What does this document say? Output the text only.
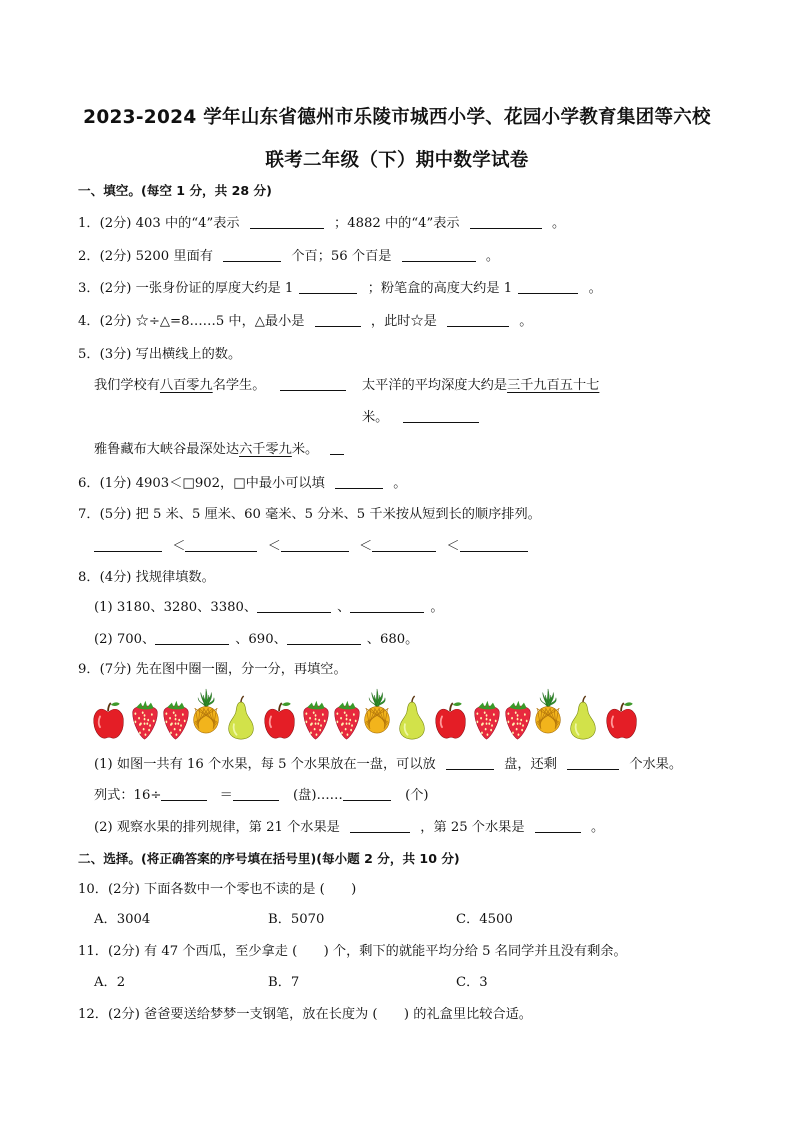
2023-2024 学年山东省德州市乐陵市城西小学、花园小学教育集团等六校
联考二年级（下）期中数学试卷
一、填空。(每空 1 分，共 28 分)
1．(2分) 403 中的“4”表示	；4882 中的“4”表示	。
2．(2分) 5200 里面有	个百；56 个百是	。
3．(2分) 一张身份证的厚度大约是 1	；粉笔盒的高度大约是 1	。
4．(2分) ☆÷△=8……5 中，△最小是	，此时☆是	。
5．(3分) 写出横线上的数。
我们学校有八百零九名学生。	太平洋的平均深度大约是三千九百五十七
米。
雅鲁藏布大峡谷最深处达六千零九米。
6．(1分) 4903＜□902，□中最小可以填	。
7．(5分) 把 5 米、5 厘米、60 毫米、5 分米、5 千米按从短到长的顺序排列。
＜	＜	＜	＜
8．(4分) 找规律填数。
(1) 3180、3280、3380、	、	。
(2) 700、	、690、	、680。
9．(7分) 先在图中圈一圈，分一分，再填空。
(1) 如图一共有 16 个水果，每 5 个水果放在一盘，可以放	盘，还剩	个水果。
列式：16÷	＝	(盘)……	(个)
(2) 观察水果的排列规律，第 21 个水果是	，第 25 个水果是	。
二、选择。(将正确答案的序号填在括号里)(每小题 2 分，共 10 分)
10．(2分) 下面各数中一个零也不读的是 (　　)
A．3004	B．5070	C．4500
11．(2分) 有 47 个西瓜，至少拿走 (　　) 个，剩下的就能平均分给 5 名同学并且没有剩余。
A．2	B．7	C．3
12．(2分) 爸爸要送给梦梦一支钢笔，放在长度为 (　　) 的礼盒里比较合适。
